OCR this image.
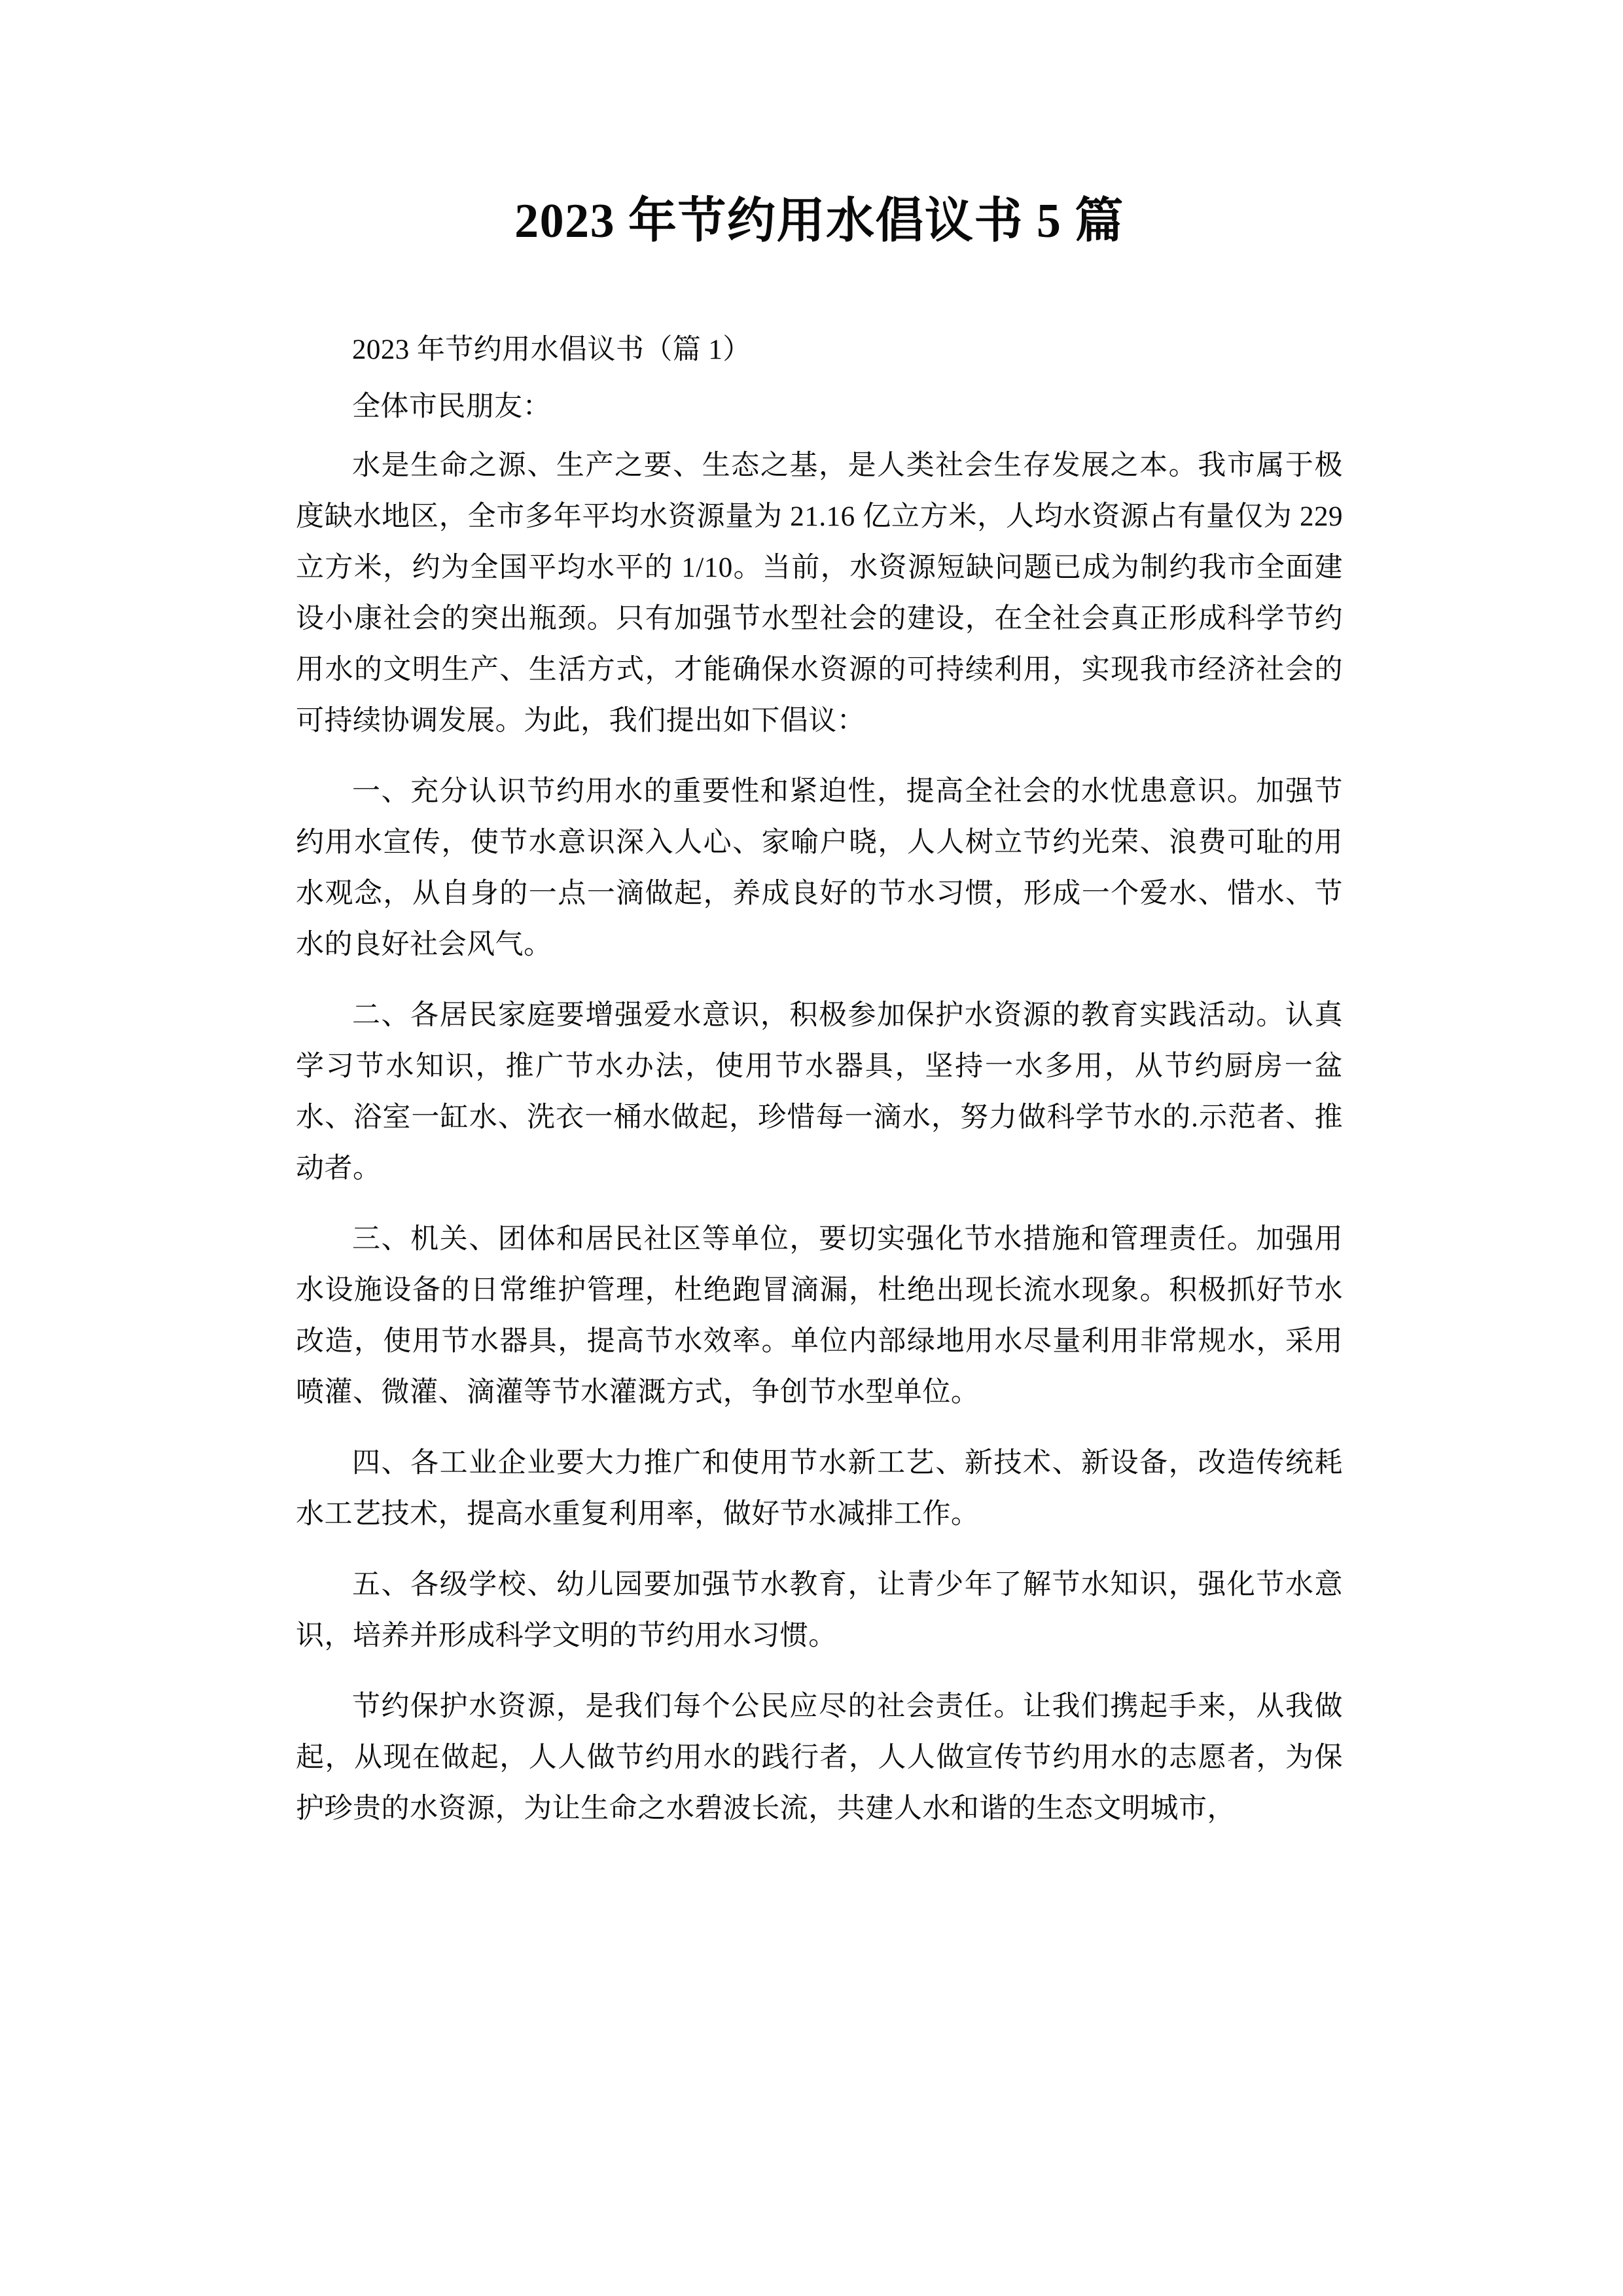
2023 年节约用水倡议书 5 篇

2023 年节约用水倡议书（篇 1）

全体市民朋友：

水是生命之源、生产之要、生态之基，是人类社会生存发展之本。我市属于极度缺水地区，全市多年平均水资源量为 21.16 亿立方米，人均水资源占有量仅为 229 立方米，约为全国平均水平的 1/10。当前，水资源短缺问题已成为制约我市全面建设小康社会的突出瓶颈。只有加强节水型社会的建设，在全社会真正形成科学节约用水的文明生产、生活方式，才能确保水资源的可持续利用，实现我市经济社会的可持续协调发展。为此，我们提出如下倡议：

一、充分认识节约用水的重要性和紧迫性，提高全社会的水忧患意识。加强节约用水宣传，使节水意识深入人心、家喻户晓，人人树立节约光荣、浪费可耻的用水观念，从自身的一点一滴做起，养成良好的节水习惯，形成一个爱水、惜水、节水的良好社会风气。

二、各居民家庭要增强爱水意识，积极参加保护水资源的教育实践活动。认真学习节水知识，推广节水办法，使用节水器具，坚持一水多用，从节约厨房一盆水、浴室一缸水、洗衣一桶水做起，珍惜每一滴水，努力做科学节水的.示范者、推动者。

三、机关、团体和居民社区等单位，要切实强化节水措施和管理责任。加强用水设施设备的日常维护管理，杜绝跑冒滴漏，杜绝出现长流水现象。积极抓好节水改造，使用节水器具，提高节水效率。单位内部绿地用水尽量利用非常规水，采用喷灌、微灌、滴灌等节水灌溉方式，争创节水型单位。

四、各工业企业要大力推广和使用节水新工艺、新技术、新设备，改造传统耗水工艺技术，提高水重复利用率，做好节水减排工作。

五、各级学校、幼儿园要加强节水教育，让青少年了解节水知识，强化节水意识，培养并形成科学文明的节约用水习惯。

节约保护水资源，是我们每个公民应尽的社会责任。让我们携起手来，从我做起，从现在做起，人人做节约用水的践行者，人人做宣传节约用水的志愿者，为保护珍贵的水资源，为让生命之水碧波长流，共建人水和谐的生态文明城市，
